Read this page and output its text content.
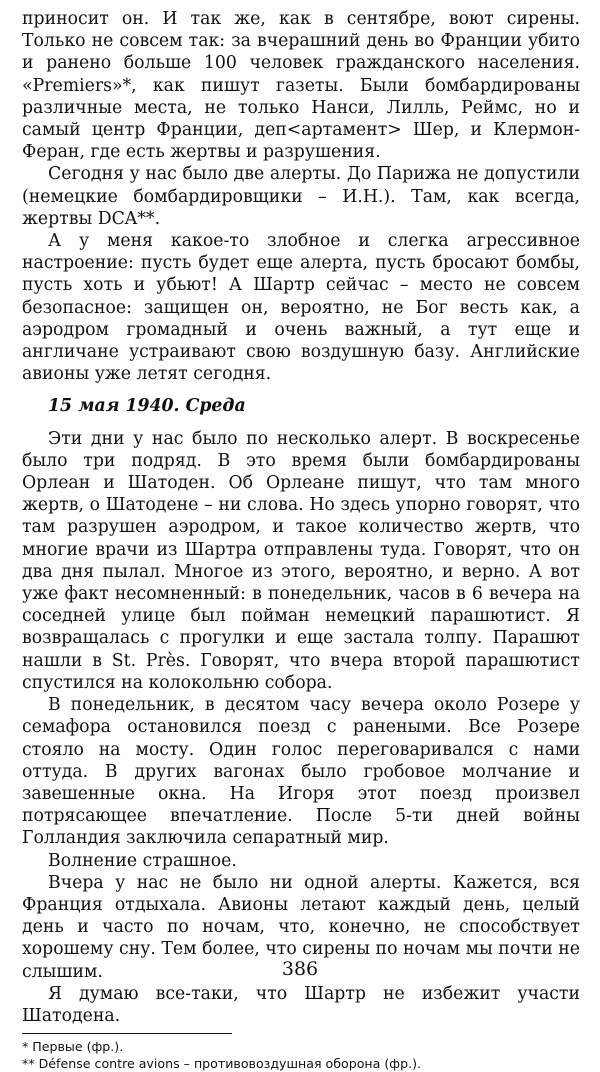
приносит он. И так же, как в сентябре, воют сирены. Только не совсем так: за вчерашний день во Франции убито и ранено больше 100 человек гражданского населения. «Premiers»*, как пишут газеты. Были бомбардированы различные места, не только Нанси, Лилль, Реймс, но и самый центр Франции, деп<артамент> Шер, и Клермон-Феран, где есть жертвы и разрушения.

Сегодня у нас было две алерты. До Парижа не допустили (немецкие бомбардировщики – И.Н.). Там, как всегда, жертвы DCA**.

А у меня какое-то злобное и слегка агрессивное настроение: пусть будет еще алерта, пусть бросают бомбы, пусть хоть и убьют! А Шартр сейчас – место не совсем безопасное: защищен он, вероятно, не Бог весть как, а аэродром громадный и очень важный, а тут еще и англичане устраивают свою воздушную базу. Английские авионы уже летят сегодня.

15 мая 1940. Среда

Эти дни у нас было по несколько алерт. В воскресенье было три подряд. В это время были бомбардированы Орлеан и Шатоден. Об Орлеане пишут, что там много жертв, о Шатодене – ни слова. Но здесь упорно говорят, что там разрушен аэродром, и такое количество жертв, что многие врачи из Шартра отправлены туда. Говорят, что он два дня пылал. Многое из этого, вероятно, и верно. А вот уже факт несомненный: в понедельник, часов в 6 вечера на соседней улице был пойман немецкий парашютист. Я возвращалась с прогулки и еще застала толпу. Парашют нашли в St. Près. Говорят, что вчера второй парашютист спустился на колокольню собора.

В понедельник, в десятом часу вечера около Розере у семафора остановился поезд с ранеными. Все Розере стояло на мосту. Один голос переговаривался с нами оттуда. В других вагонах было гробовое молчание и завешенные окна. На Игоря этот поезд произвел потрясающее впечатление. После 5-ти дней войны Голландия заключила сепаратный мир.

Волнение страшное.

Вчера у нас не было ни одной алерты. Кажется, вся Франция отдыхала. Авионы летают каждый день, целый день и часто по ночам, что, конечно, не способствует хорошему сну. Тем более, что сирены по ночам мы почти не слышим.

Я думаю все-таки, что Шартр не избежит участи Шатодена.

* Первые (фр.).

** Défense contre avions – противовоздушная оборона (фр.).

386
